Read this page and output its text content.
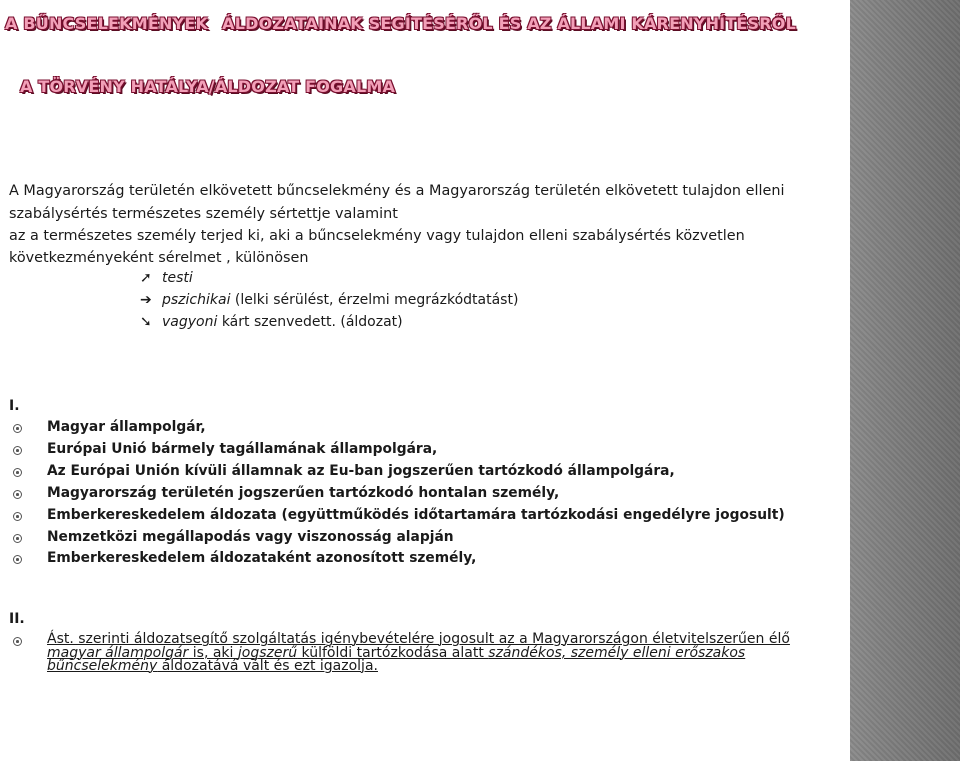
A BŰNCSELEKMÉNYEK ÁLDOZATAINAK SEGÍTÉSÉRŐL ÉS AZ ÁLLAMI KÁRENYHÍTÉSRŐL
A TÖRVÉNY HATÁLYA/ÁLDOZAT FOGALMA
A Magyarország területén elkövetett bűncselekmény és a Magyarország területén elkövetett tulajdon elleni
szabálysértés természetes személy sértettje valamint
az a természetes személy terjed ki, aki a bűncselekmény vagy tulajdon elleni szabálysértés közvetlen
következményeként sérelmet , különösen
➚ testi
➔ pszichikai (lelki sérülést, érzelmi megrázkódtatást)
➘ vagyoni kárt szenvedett. (áldozat)
I.
Magyar állampolgár,
Európai Unió bármely tagállamának állampolgára,
Az Európai Unión kívüli államnak az Eu-ban jogszerűen tartózkodó állampolgára,
Magyarország területén jogszerűen tartózkodó hontalan személy,
Emberkereskedelem áldozata (együttműködés időtartamára tartózkodási engedélyre jogosult)
Nemzetközi megállapodás vagy viszonosság alapján
Emberkereskedelem áldozataként azonosított személy,
II.
Ást. szerinti áldozatsegítő szolgáltatás igénybevételére jogosult az a Magyarországon életvitelszerűen élő
magyar állampolgár is, aki jogszerű külföldi tartózkodása alatt szándékos, személy elleni erőszakos
bűncselekmény áldozatává vált és ezt igazolja.
